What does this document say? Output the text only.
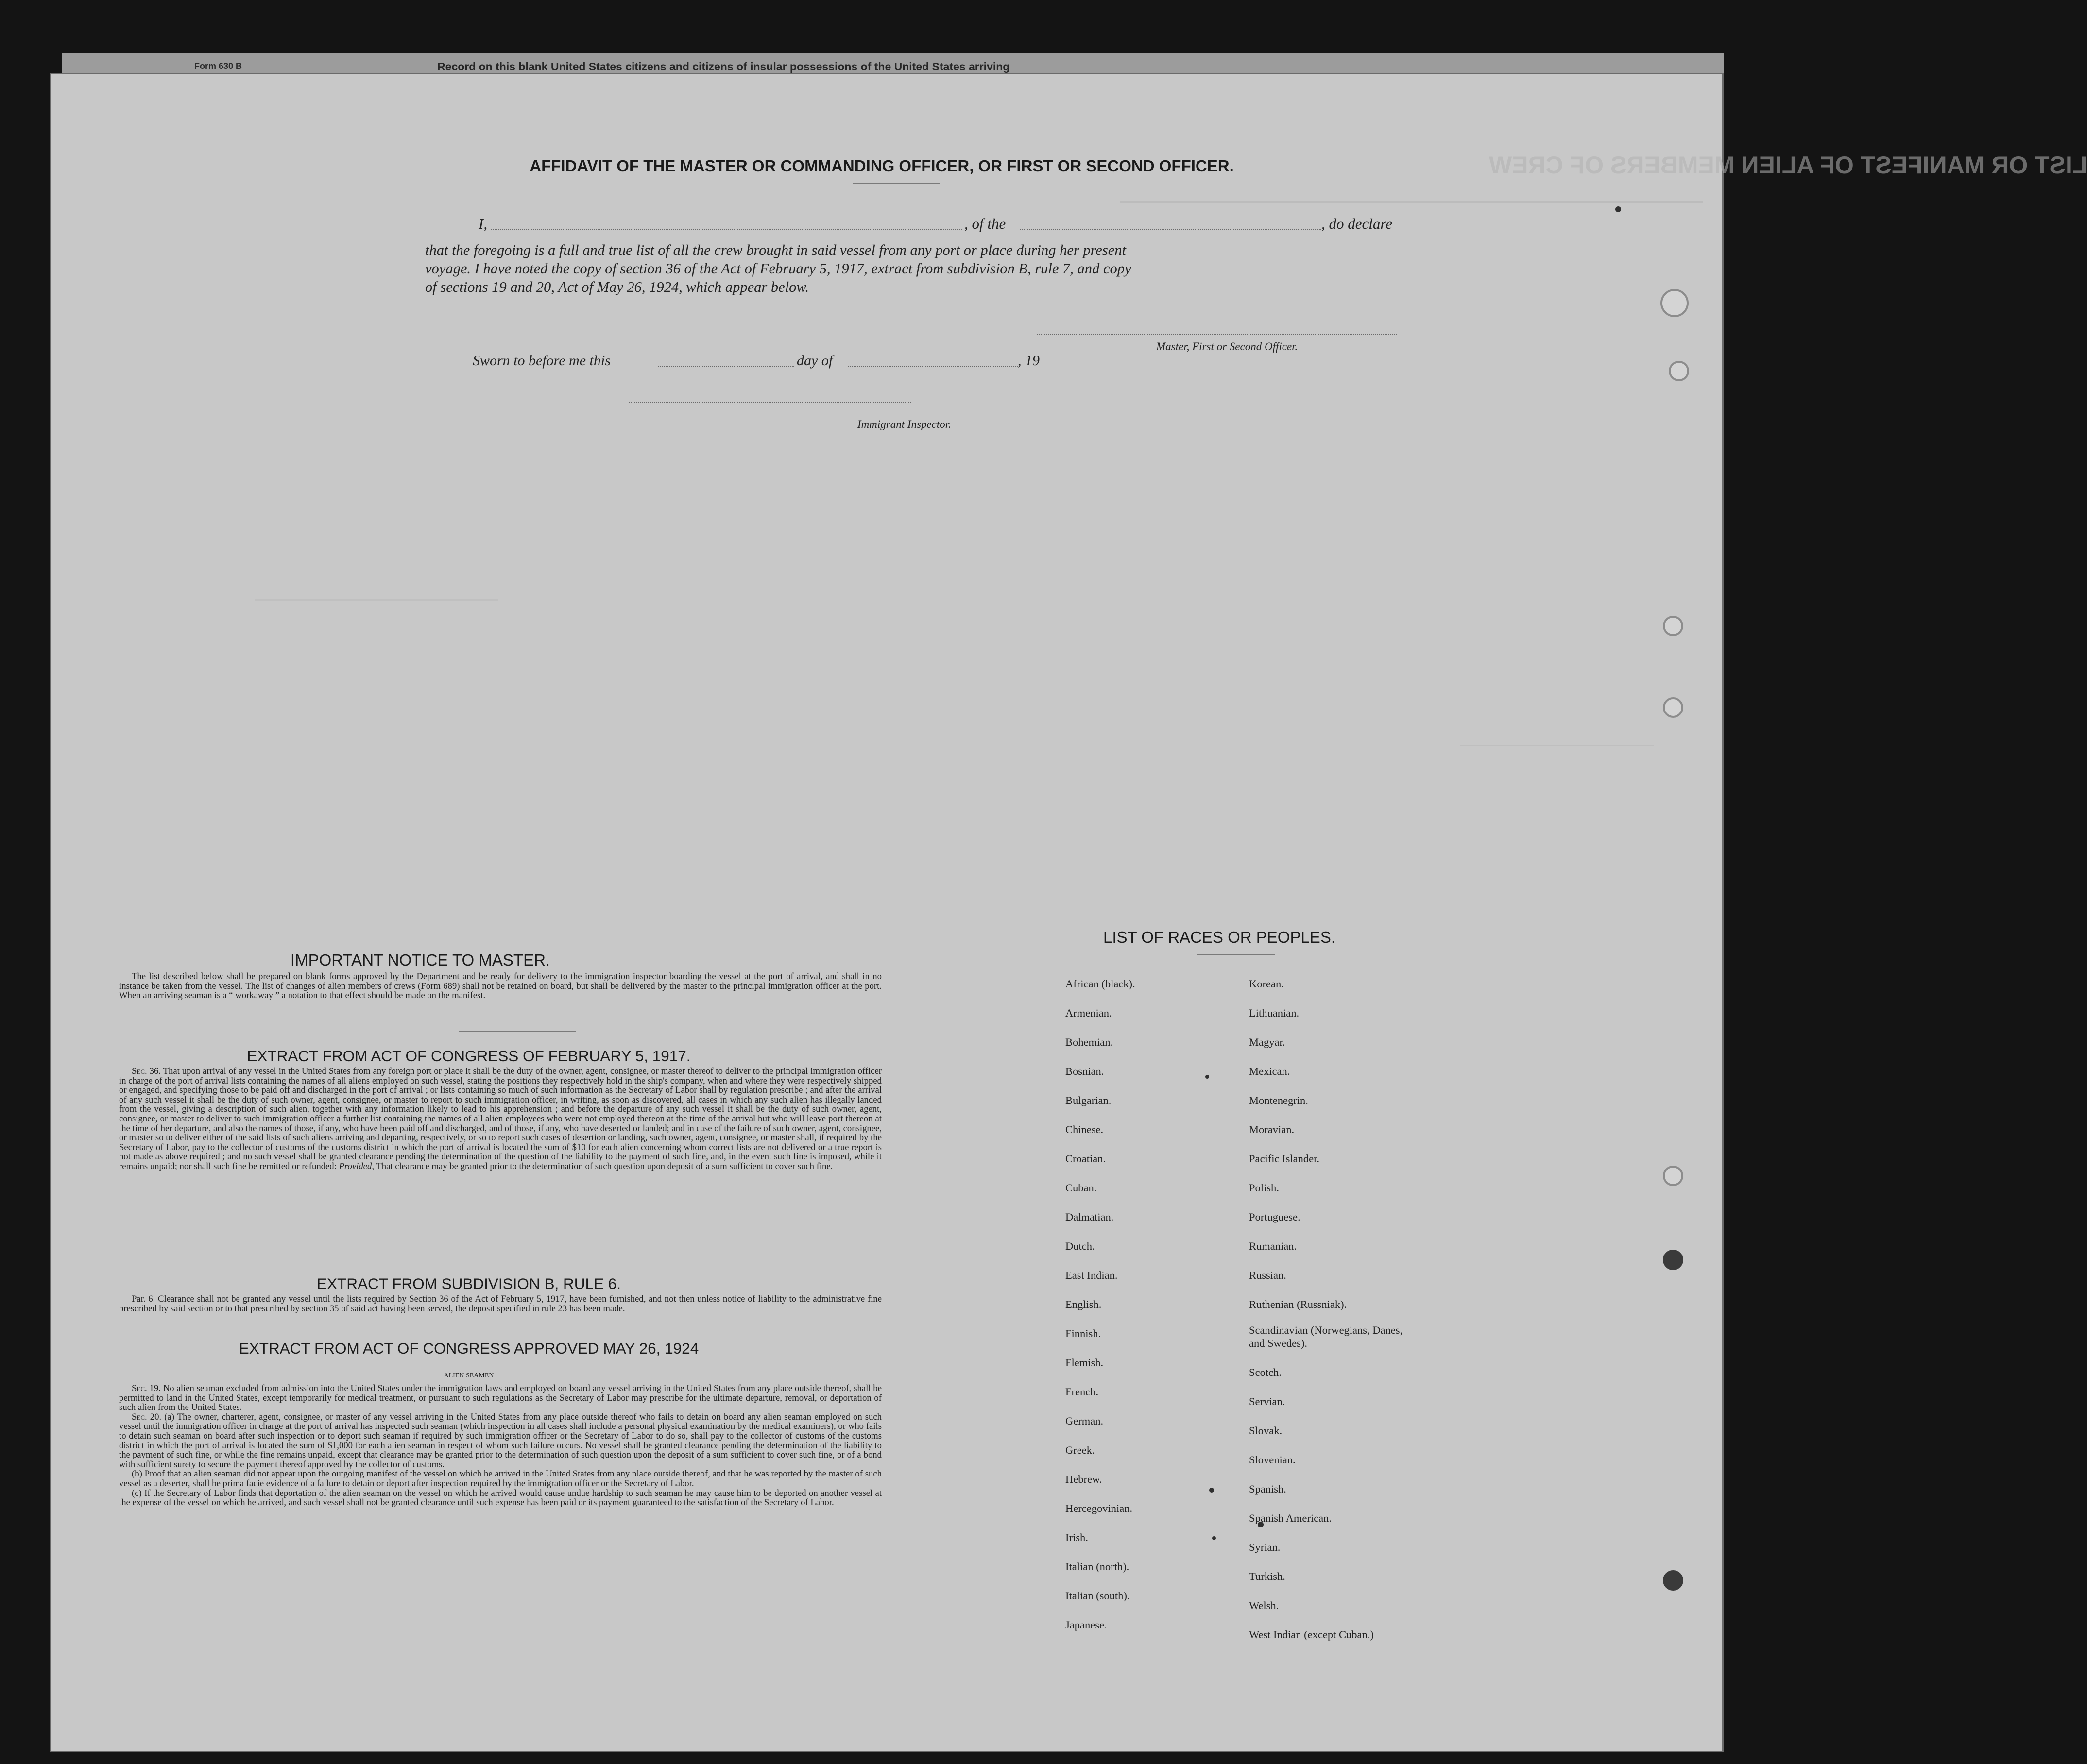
LIST OR MANIFEST OF ALIEN MEMBERS OF CREW
AFFIDAVIT OF THE MASTER OR COMMANDING OFFICER, OR FIRST OR SECOND OFFICER.
I,	, of the	, do declare
that the foregoing is a full and true list of all the crew brought in said vessel from any port or place during her present
voyage. I have noted the copy of section 36 of the Act of February 5, 1917, extract from subdivision B, rule 7, and copy
of sections 19 and 20, Act of May 26, 1924, which appear below.
Master, First or Second Officer.
Sworn to before me this	day of	, 19
Immigrant Inspector.
IMPORTANT NOTICE TO MASTER.

The list described below shall be prepared on blank forms approved by the Department and be ready for delivery to the immigration inspector boarding the vessel at the port of arrival, and shall in no instance be taken from the vessel. The list of changes of alien members of crews (Form 689) shall not be retained on board, but shall be delivered by the master to the principal immigration officer at the port. When an arriving seaman is a “ workaway ” a notation to that effect should be made on the manifest.

EXTRACT FROM ACT OF CONGRESS OF FEBRUARY 5, 1917.

Sec. 36. That upon arrival of any vessel in the United States from any foreign port or place it shall be the duty of the owner, agent, consignee, or master thereof to deliver to the principal immigration officer in charge of the port of arrival lists containing the names of all aliens employed on such vessel, stating the positions they respectively hold in the ship's company, when and where they were respectively shipped or engaged, and specifying those to be paid off and discharged in the port of arrival ; or lists containing so much of such information as the Secretary of Labor shall by regulation prescribe ; and after the arrival of any such vessel it shall be the duty of such owner, agent, consignee, or master to report to such immigration officer, in writing, as soon as discovered, all cases in which any such alien has illegally landed from the vessel, giving a description of such alien, together with any information likely to lead to his apprehension ; and before the departure of any such vessel it shall be the duty of such owner, agent, consignee, or master to deliver to such immigration officer a further list containing the names of all alien employees who were not employed thereon at the time of the arrival but who will leave port thereon at the time of her departure, and also the names of those, if any, who have been paid off and discharged, and of those, if any, who have deserted or landed; and in case of the failure of such owner, agent, consignee, or master so to deliver either of the said lists of such aliens arriving and departing, respectively, or so to report such cases of desertion or landing, such owner, agent, consignee, or master shall, if required by the Secretary of Labor, pay to the collector of customs of the customs district in which the port of arrival is located the sum of $10 for each alien concerning whom correct lists are not delivered or a true report is not made as above required ; and no such vessel shall be granted clearance pending the determination of the question of the liability to the payment of such fine, and, in the event such fine is imposed, while it remains unpaid; nor shall such fine be remitted or refunded: Provided, That clearance may be granted prior to the determination of such question upon deposit of a sum sufficient to cover such fine.

EXTRACT FROM SUBDIVISION B, RULE 6.

Par. 6. Clearance shall not be granted any vessel until the lists required by Section 36 of the Act of February 5, 1917, have been furnished, and not then unless notice of liability to the administrative fine prescribed by said section or to that prescribed by section 35 of said act having been served, the deposit specified in rule 23 has been made.

EXTRACT FROM ACT OF CONGRESS APPROVED MAY 26, 1924
ALIEN SEAMEN

Sec. 19. No alien seaman excluded from admission into the United States under the immigration laws and employed on board any vessel arriving in the United States from any place outside thereof, shall be permitted to land in the United States, except temporarily for medical treatment, or pursuant to such regulations as the Secretary of Labor may prescribe for the ultimate departure, removal, or deportation of such alien from the United States.

Sec. 20. (a) The owner, charterer, agent, consignee, or master of any vessel arriving in the United States from any place outside thereof who fails to detain on board any alien seaman employed on such vessel until the immigration officer in charge at the port of arrival has inspected such seaman (which inspection in all cases shall include a personal physical examination by the medical examiners), or who fails to detain such seaman on board after such inspection or to deport such seaman if required by such immigration officer or the Secretary of Labor to do so, shall pay to the collector of customs of the customs district in which the port of arrival is located the sum of $1,000 for each alien seaman in respect of whom such failure occurs. No vessel shall be granted clearance pending the determination of the liability to the payment of such fine, or while the fine remains unpaid, except that clearance may be granted prior to the determination of such question upon the deposit of a sum sufficient to cover such fine, or of a bond with sufficient surety to secure the payment thereof approved by the collector of customs.

(b) Proof that an alien seaman did not appear upon the outgoing manifest of the vessel on which he arrived in the United States from any place outside thereof, and that he was reported by the master of such vessel as a deserter, shall be prima facie evidence of a failure to detain or deport after inspection required by the immigration officer or the Secretary of Labor.

(c) If the Secretary of Labor finds that deportation of the alien seaman on the vessel on which he arrived would cause undue hardship to such seaman he may cause him to be deported on another vessel at the expense of the vessel on which he arrived, and such vessel shall not be granted clearance until such expense has been paid or its payment guaranteed to the satisfaction of the Secretary of Labor.

LIST OF RACES OR PEOPLES.
African (black).
Armenian.
Bohemian.
Bosnian.
Bulgarian.
Chinese.
Croatian.
Cuban.
Dalmatian.
Dutch.
East Indian.
English.
Finnish.
Flemish.
French.
German.
Greek.
Hebrew.
Hercegovinian.
Irish.
Italian (north).
Italian (south).
Japanese.
Korean.
Lithuanian.
Magyar.
Mexican.
Montenegrin.
Moravian.
Pacific Islander.
Polish.
Portuguese.
Rumanian.
Russian.
Ruthenian (Russniak).
Scandinavian (Norwegians, Danes, and Swedes).
Scotch.
Servian.
Slovak.
Slovenian.
Spanish.
Spanish American.
Syrian.
Turkish.
Welsh.
West Indian (except Cuban.)
Record on this blank United States citizens and citizens of insular possessions of the United States arriving
Form 630 B
